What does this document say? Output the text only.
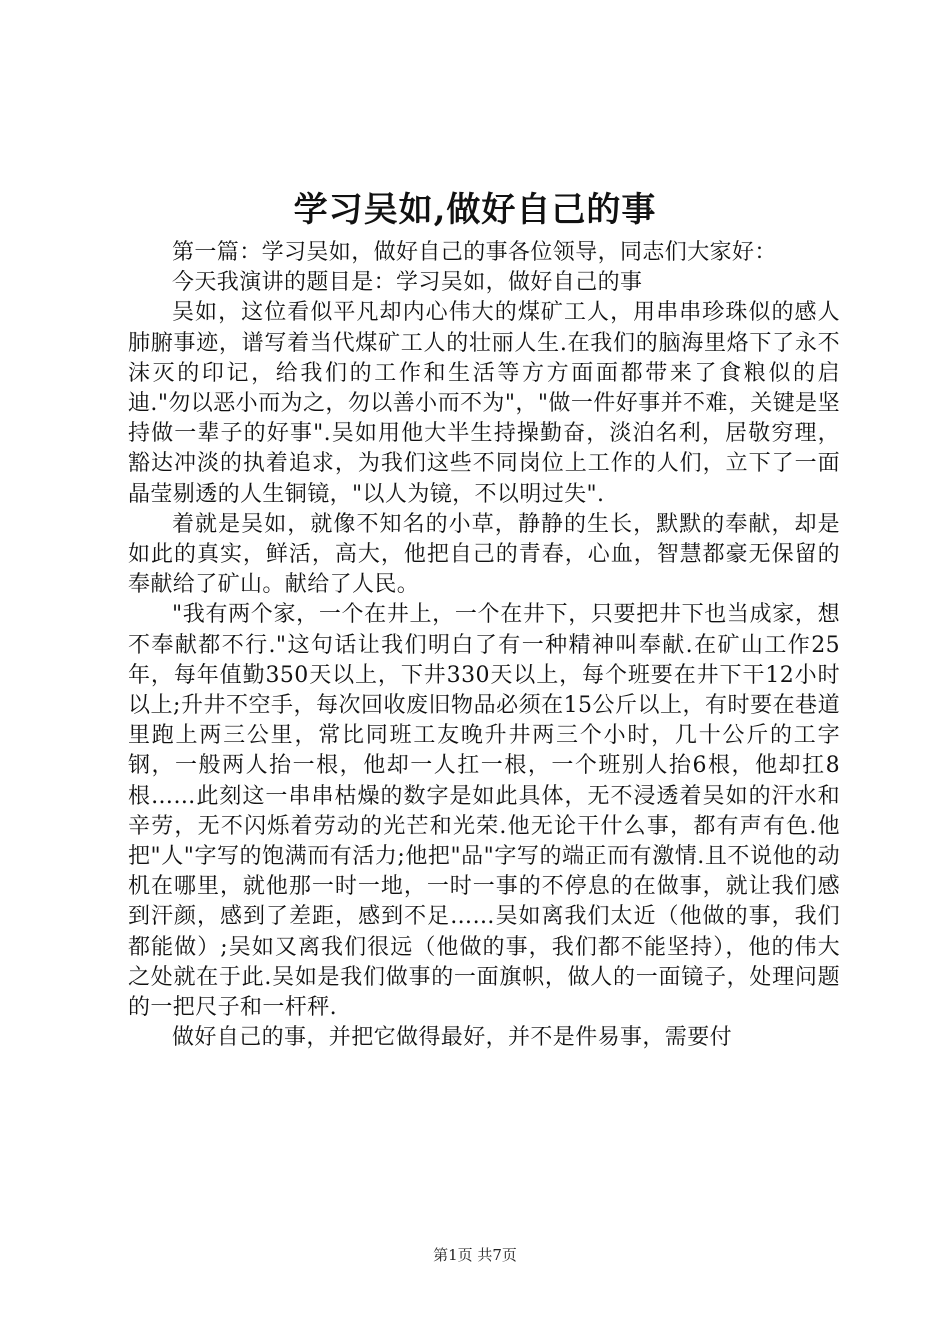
学习吴如,做好自己的事

第一篇：学习吴如，做好自己的事各位领导，同志们大家好：

今天我演讲的题目是：学习吴如，做好自己的事

吴如，这位看似平凡却内心伟大的煤矿工人，用串串珍珠似的感人肺腑事迹，谱写着当代煤矿工人的壮丽人生.在我们的脑海里烙下了永不沫灭的印记，给我们的工作和生活等方方面面都带来了食粮似的启迪."勿以恶小而为之，勿以善小而不为"，"做一件好事并不难，关键是坚持做一辈子的好事".吴如用他大半生持操勤奋，淡泊名利，居敬穷理，豁达冲淡的执着追求，为我们这些不同岗位上工作的人们，立下了一面晶莹剔透的人生铜镜，"以人为镜，不以明过失".

着就是吴如，就像不知名的小草，静静的生长，默默的奉献，却是如此的真实，鲜活，高大，他把自己的青春，心血，智慧都豪无保留的奉献给了矿山。献给了人民。

"我有两个家，一个在井上，一个在井下，只要把井下也当成家，想不奉献都不行."这句话让我们明白了有一种精神叫奉献.在矿山工作25年，每年值勤350天以上，下井330天以上，每个班要在井下干12小时以上;升井不空手，每次回收废旧物品必须在15公斤以上，有时要在巷道里跑上两三公里，常比同班工友晚升井两三个小时，几十公斤的工字钢，一般两人抬一根，他却一人扛一根，一个班别人抬6根，他却扛8根……此刻这一串串枯燥的数字是如此具体，无不浸透着吴如的汗水和辛劳，无不闪烁着劳动的光芒和光荣.他无论干什么事，都有声有色.他把"人"字写的饱满而有活力;他把"品"字写的端正而有激情.且不说他的动机在哪里，就他那一时一地，一时一事的不停息的在做事，就让我们感到汗颜，感到了差距，感到不足……吴如离我们太近（他做的事，我们都能做）;吴如又离我们很远（他做的事，我们都不能坚持），他的伟大之处就在于此.吴如是我们做事的一面旗帜，做人的一面镜子，处理问题的一把尺子和一杆秤.

做好自己的事，并把它做得最好，并不是件易事，需要付

第1页 共7页
